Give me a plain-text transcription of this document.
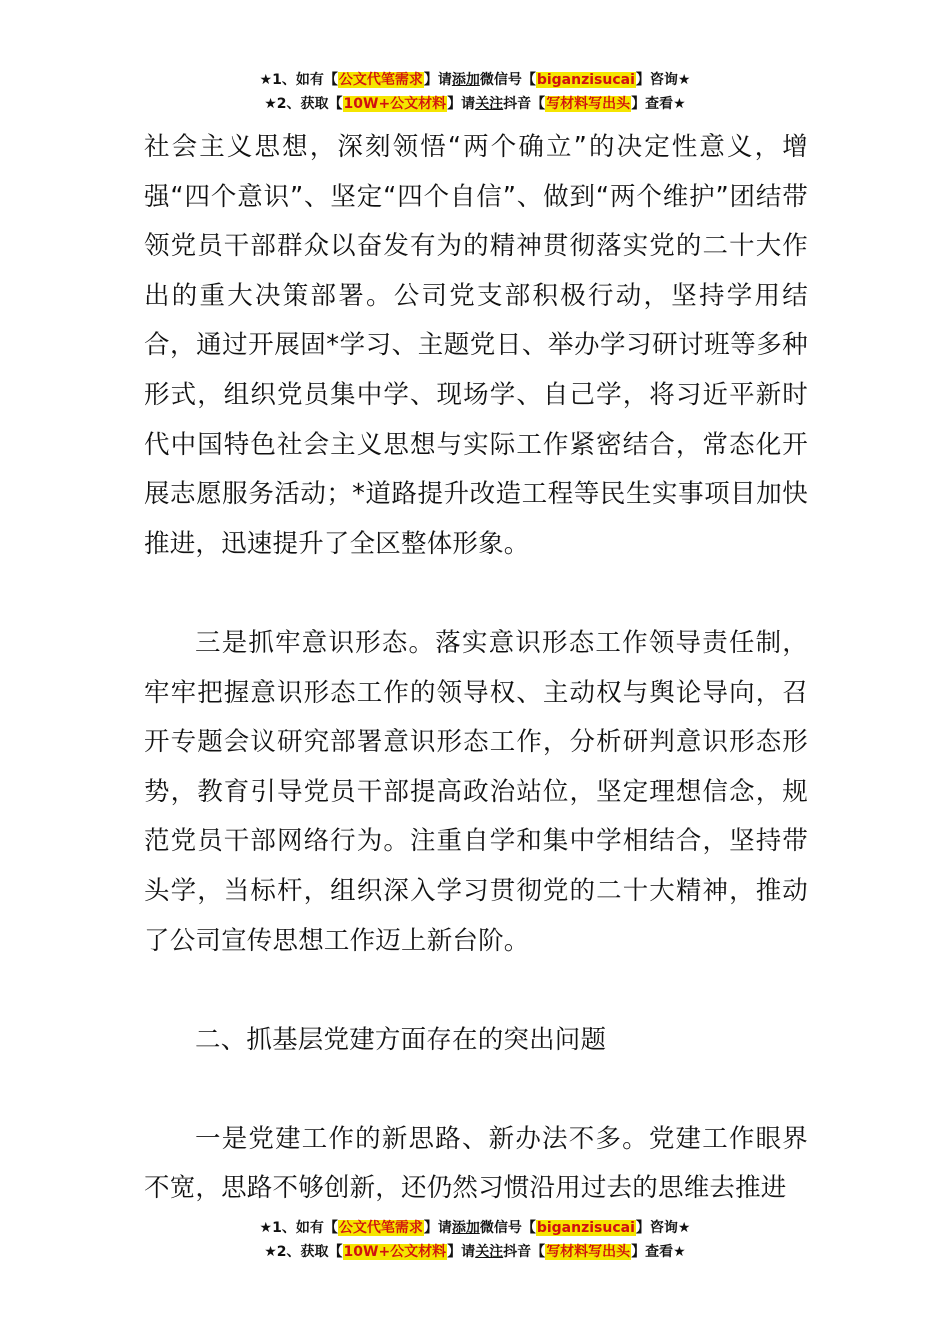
★1、如有【公文代笔需求】请添加微信号【biganzisucai】咨询★
★2、获取【10W+公文材料】请关注抖音【写材料写出头】查看★

社会主义思想，深刻领悟“两个确立”的决定性意义，增强“四个意识”、坚定“四个自信”、做到“两个维护”团结带领党员干部群众以奋发有为的精神贯彻落实党的二十大作出的重大决策部署。公司党支部积极行动，坚持学用结合，通过开展固*学习、主题党日、举办学习研讨班等多种形式，组织党员集中学、现场学、自己学，将习近平新时代中国特色社会主义思想与实际工作紧密结合，常态化开展志愿服务活动；*道路提升改造工程等民生实事项目加快推进，迅速提升了全区整体形象。

三是抓牢意识形态。落实意识形态工作领导责任制，牢牢把握意识形态工作的领导权、主动权与舆论导向，召开专题会议研究部署意识形态工作，分析研判意识形态形势，教育引导党员干部提高政治站位，坚定理想信念，规范党员干部网络行为。注重自学和集中学相结合，坚持带头学，当标杆，组织深入学习贯彻党的二十大精神，推动了公司宣传思想工作迈上新台阶。

二、抓基层党建方面存在的突出问题

一是党建工作的新思路、新办法不多。党建工作眼界不宽，思路不够创新，还仍然习惯沿用过去的思维去推进

★1、如有【公文代笔需求】请添加微信号【biganzisucai】咨询★
★2、获取【10W+公文材料】请关注抖音【写材料写出头】查看★
